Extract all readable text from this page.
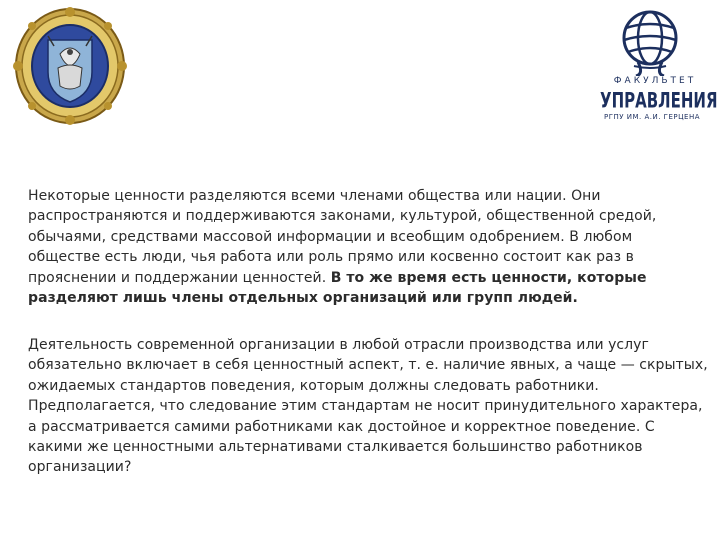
ФАКУЛЬТЕТ
УПРАВЛЕНИЯ
РГПУ ИМ. А.И. ГЕРЦЕНА

Некоторые ценности разделяются всеми членами общества или нации. Они
распространяются и поддерживаются законами, культурой, общественной средой,
обычаями, средствами массовой информации и всеобщим одобрением. В любом
обществе есть люди, чья работа или роль прямо или косвенно состоит как раз в
прояснении и поддержании ценностей. В то же время есть ценности, которые
разделяют лишь члены отдельных организаций или групп людей.

Деятельность современной организации в любой отрасли производства или услуг
обязательно включает в себя ценностный аспект, т. е. наличие явных, а чаще — скрытых,
ожидаемых стандартов поведения, которым должны следовать работники.
Предполагается, что следование этим стандартам не носит принудительного характера,
а рассматривается самими работниками как достойное и корректное поведение. С
какими же ценностными альтернативами сталкивается большинство работников
организации?
